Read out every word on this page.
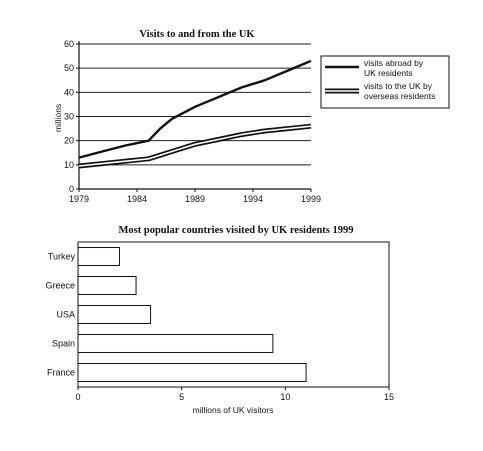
Visits to and from the UK
0
10
20
30
40
50
60
1979	1984	1989	1994	1999
millions
visits abroad by
UK residents
visits to the UK by
overseas residents
Most popular countries visited by UK residents 1999
Turkey
Greece
USA
Spain
France
0	5	10	15
millions of UK visitors
